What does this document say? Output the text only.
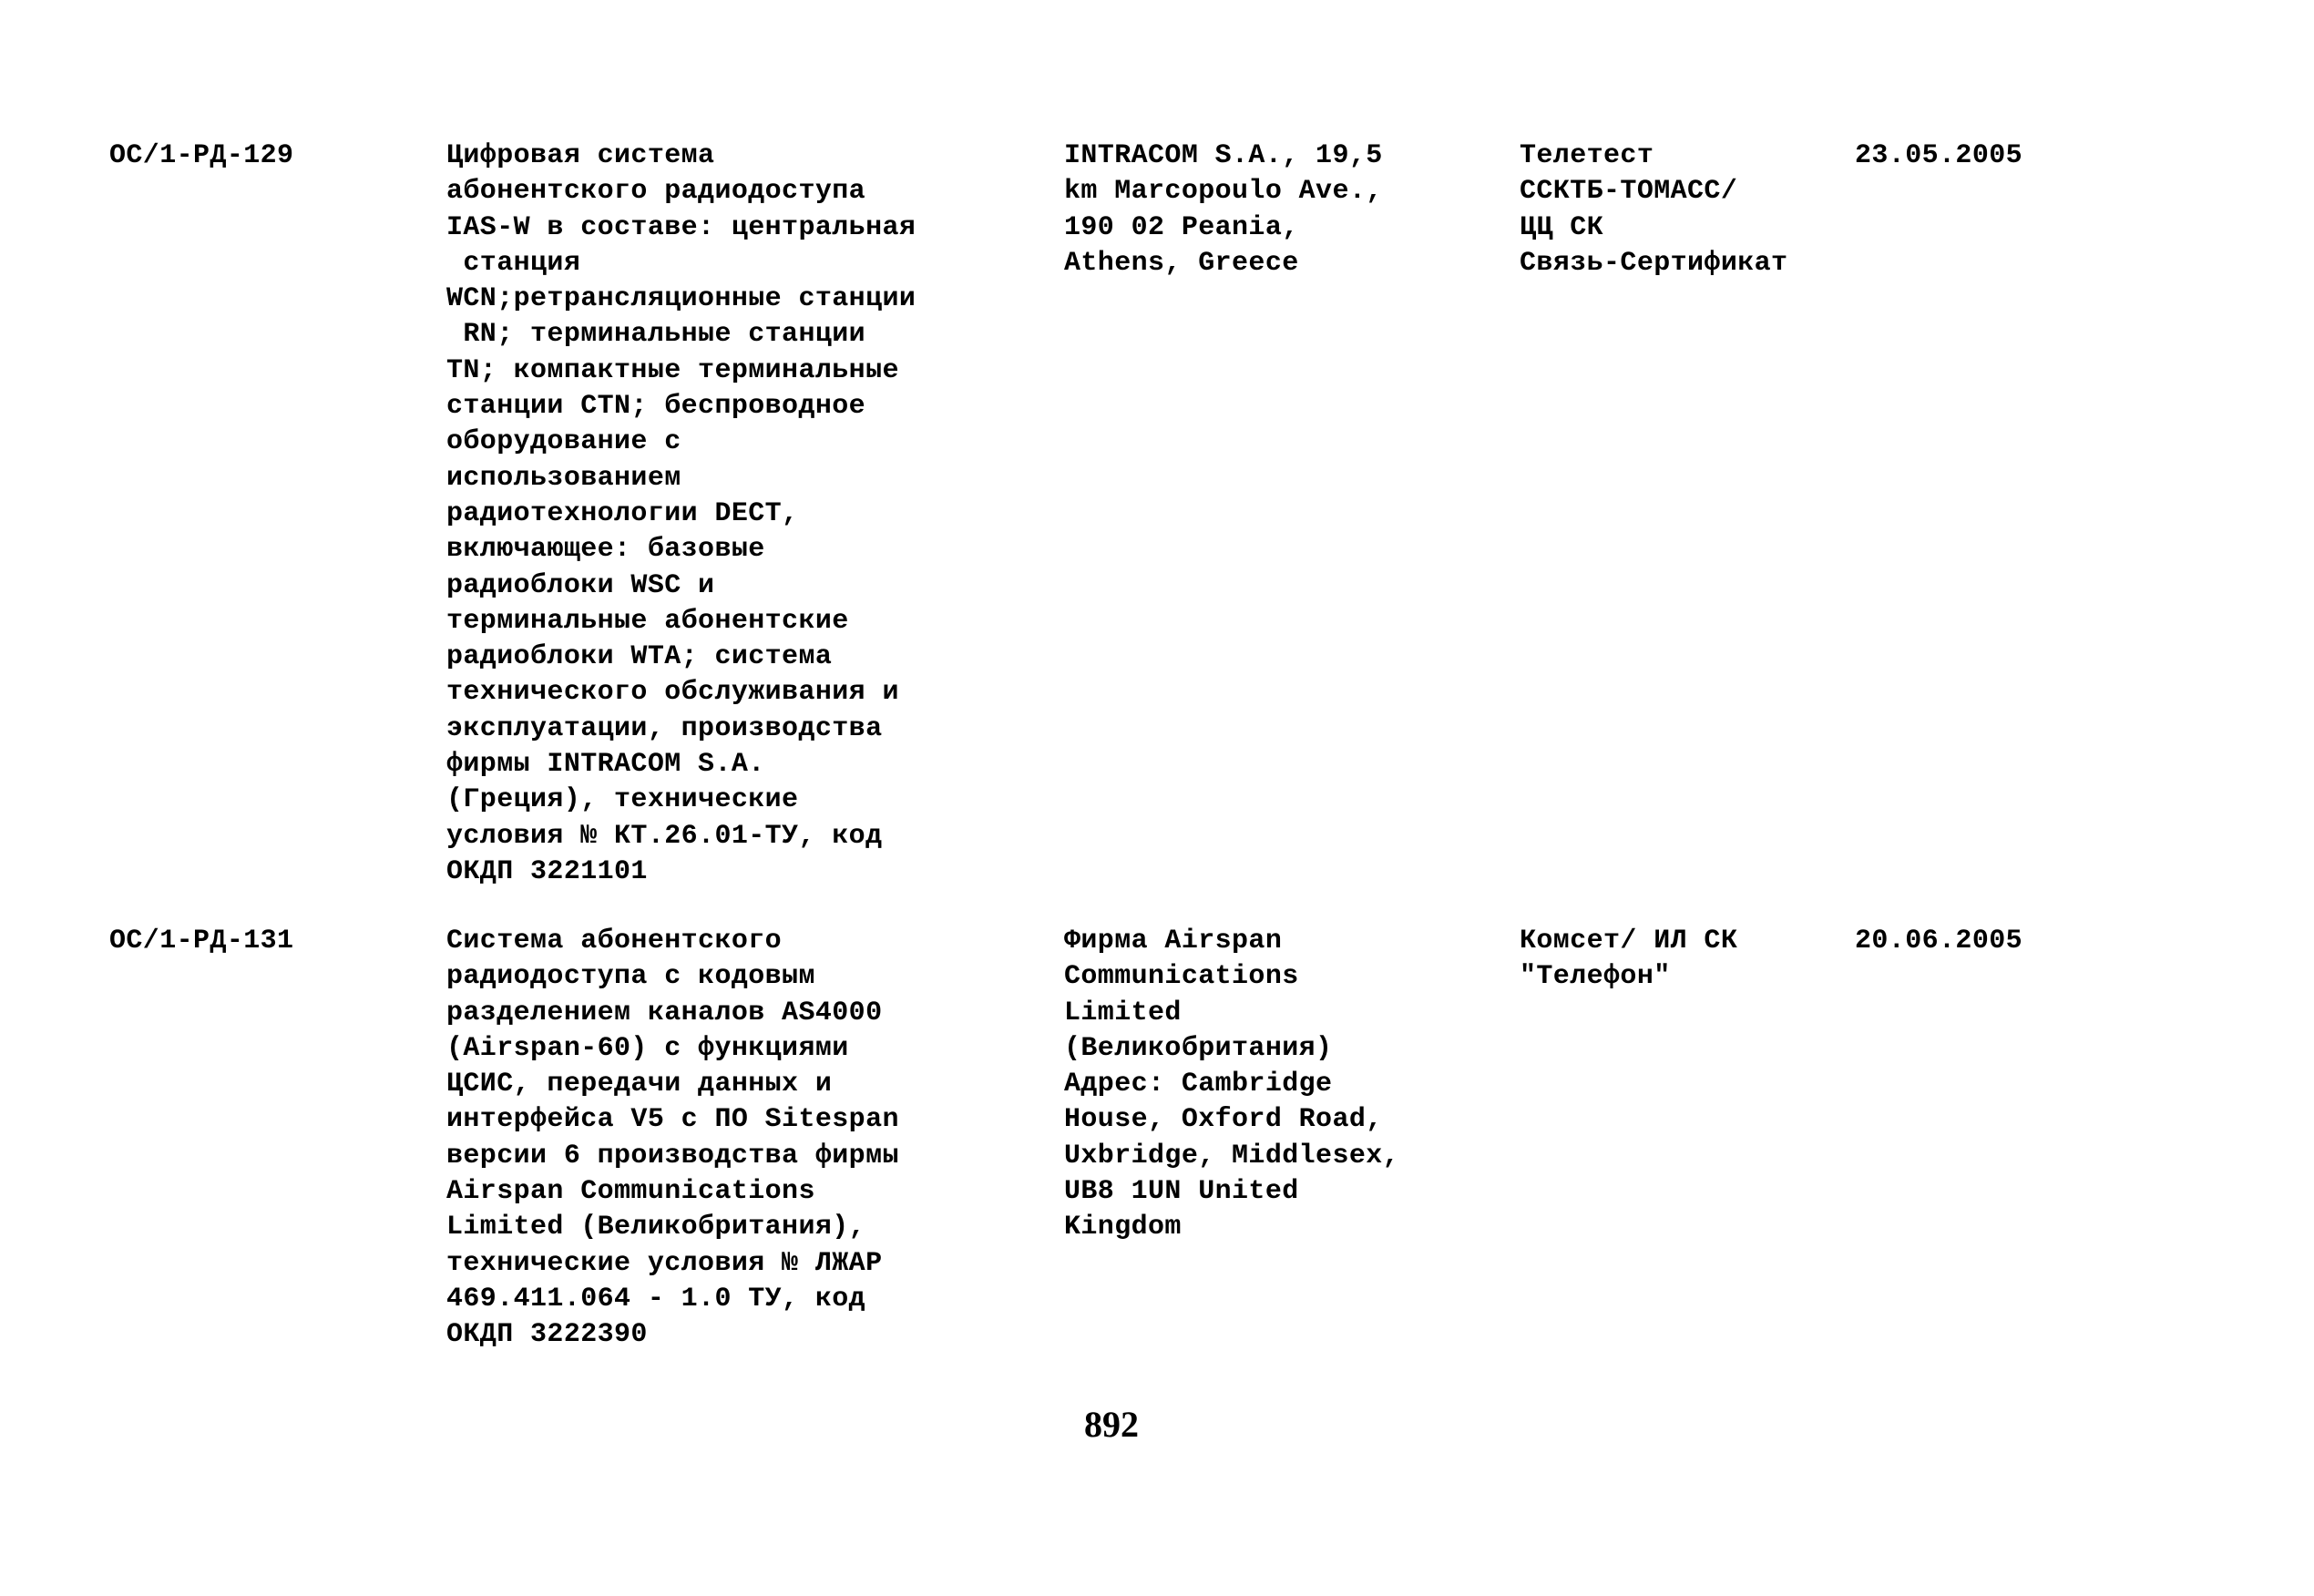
ОС/1-РД-129	Цифровая система
абонентского радиодоступа
IAS-W в составе: центральная
станция
WCN;ретрансляционные станции
RN; терминальные станции
TN; компактные терминальные
станции CTN; беспроводное
оборудование с
использованием
радиотехнологии DECT,
включающее: базовые
радиоблоки WSC и
терминальные абонентские
радиоблоки WTA; система
технического обслуживания и
эксплуатации, производства
фирмы INTRACOM S.A.
(Греция), технические
условия № КТ.26.01-ТУ, код
ОКДП 3221101
INTRACOM S.A., 19,5
km Marcopoulo Ave.,
190 02 Peania,
Athens, Greece
Телетест
ССКТБ-ТОМАСС/
ЦЦ СК
Связь-Сертификат
23.05.2005
ОС/1-РД-131	Система абонентского
радиодоступа с кодовым
разделением каналов AS4000
(Airspan-60) с функциями
ЦСИС, передачи данных и
интерфейса V5 с ПО Sitespan
версии 6 производства фирмы
Airspan Communications
Limited (Великобритания),
технические условия № ЛЖАР
469.411.064 - 1.0 ТУ, код
ОКДП 3222390
Фирма Airspan
Communications
Limited
(Великобритания)
Адрес: Cambridge
House, Oxford Road,
Uxbridge, Middlesex,
UB8 1UN United
Kingdom
Комсет/ ИЛ СК
"Телефон"
20.06.2005
892
